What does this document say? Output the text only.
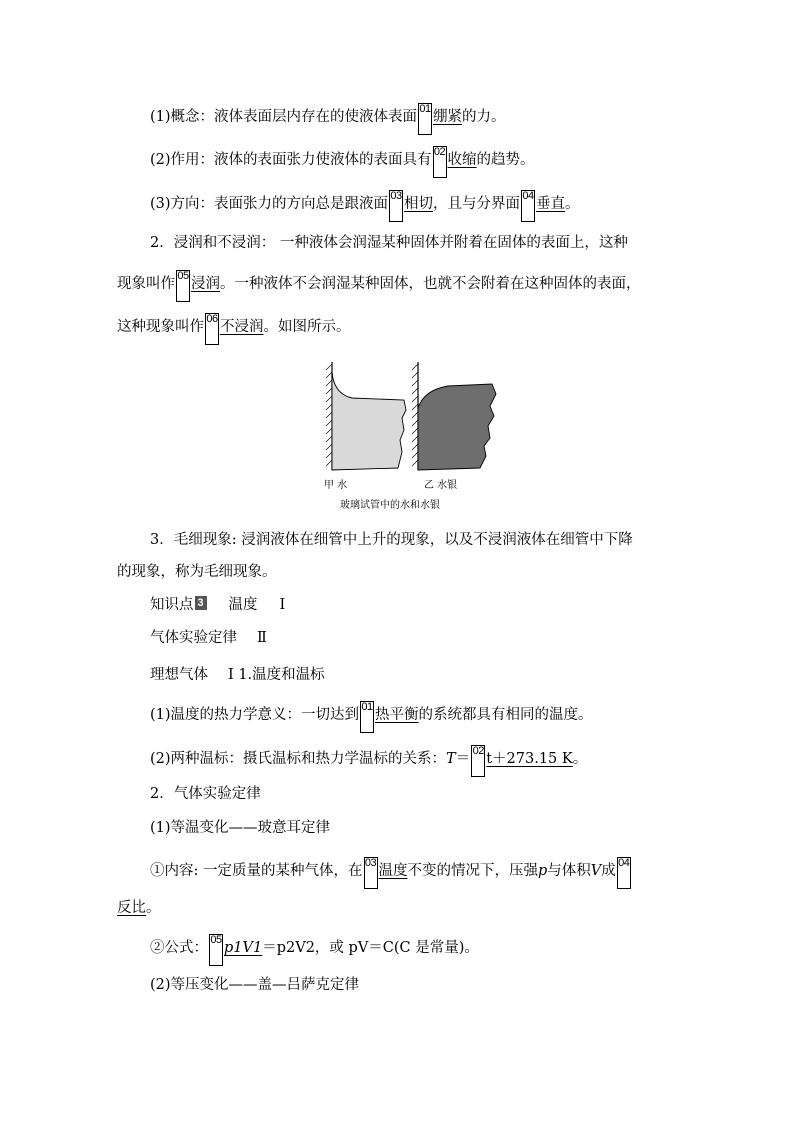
(1)概念：液体表面层内存在的使液体表面 01 绷紧的力。
(2)作用：液体的表面张力使液体的表面具有 02 收缩的趋势。
(3)方向：表面张力的方向总是跟液面 03 相切，且与分界面 04 垂直。
2．浸润和不浸润： 一种液体会润湿某种固体并附着在固体的表面上，这种
现象叫作 05 浸润。一种液体不会润湿某种固体，也就不会附着在这种固体的表面，
这种现象叫作 06 不浸润。如图所示。
甲 水	乙 水银
玻璃试管中的水和水银
3．毛细现象: 浸润液体在细管中上升的现象，以及不浸润液体在细管中下降
的现象，称为毛细现象。
知识点 3 温度 Ⅰ
气体实验定律 Ⅱ
理想气体 Ⅰ 1.温度和温标
(1)温度的热力学意义：一切达到 01 热平衡的系统都具有相同的温度。
(2)两种温标：摄氏温标和热力学温标的关系：T＝ 02 t＋273.15 K。
2．气体实验定律
(1)等温变化——玻意耳定律
①内容: 一定质量的某种气体，在 03 温度不变的情况下，压强p与体积V成 04
反比。
②公式： 05 p1V1＝p2V2，或 pV＝C(C 是常量)。
(2)等压变化——盖—吕萨克定律
